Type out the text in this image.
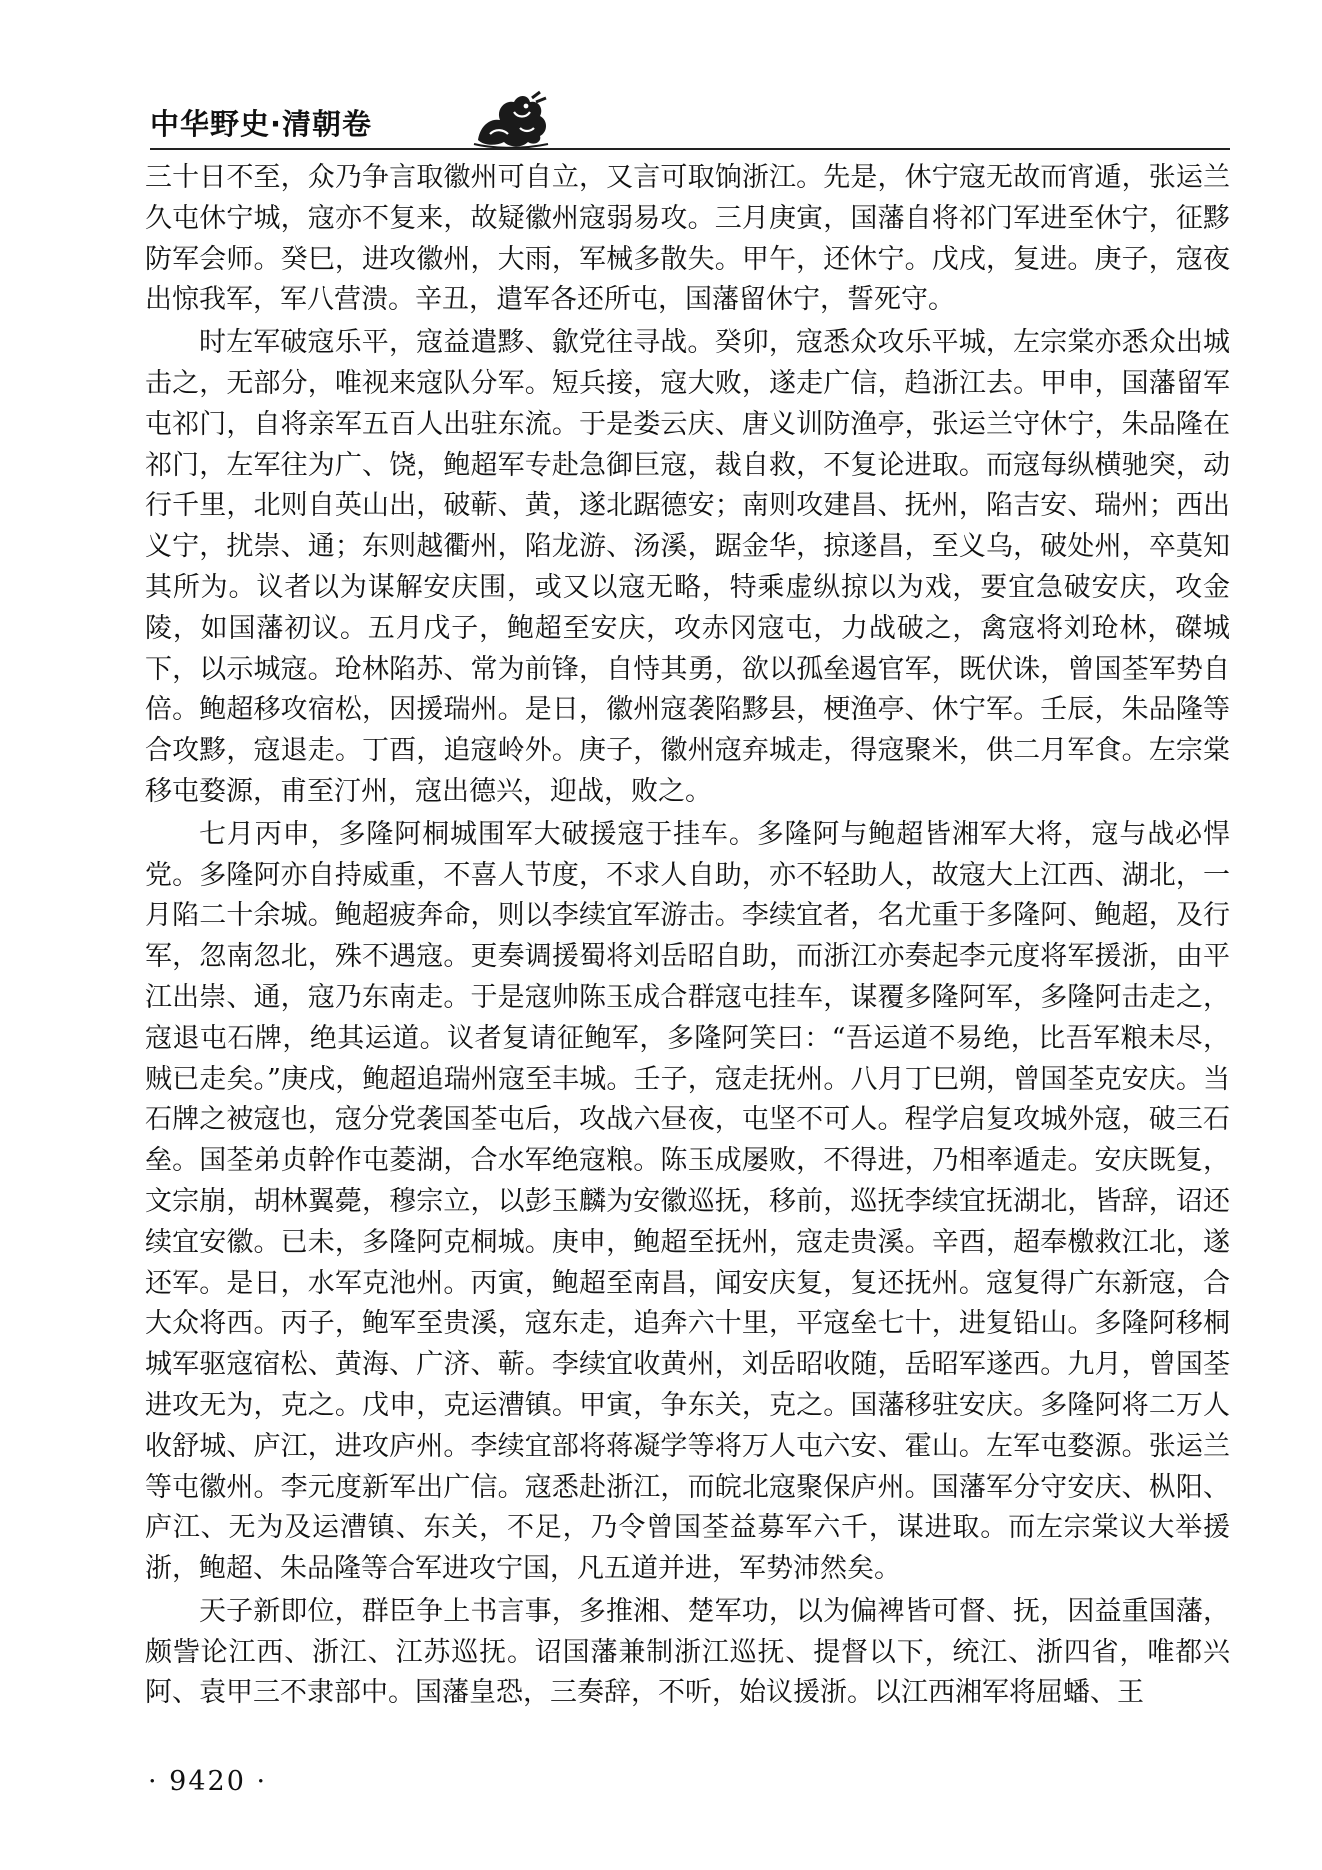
中华野史·清朝卷

三十日不至，众乃争言取徽州可自立，又言可取饷浙江。先是，休宁寇无故而宵遁，张运兰久屯休宁城，寇亦不复来，故疑徽州寇弱易攻。三月庚寅，国藩自将祁门军进至休宁，征黟防军会师。癸巳，进攻徽州，大雨，军械多散失。甲午，还休宁。戊戌，复进。庚子，寇夜出惊我军，军八营溃。辛丑，遣军各还所屯，国藩留休宁，誓死守。

时左军破寇乐平，寇益遣黟、歙党往寻战。癸卯，寇悉众攻乐平城，左宗棠亦悉众出城击之，无部分，唯视来寇队分军。短兵接，寇大败，遂走广信，趋浙江去。甲申，国藩留军屯祁门，自将亲军五百人出驻东流。于是娄云庆、唐义训防渔亭，张运兰守休宁，朱品隆在祁门，左军往为广、饶，鲍超军专赴急御巨寇，裁自救，不复论进取。而寇每纵横驰突，动行千里，北则自英山出，破蕲、黄，遂北踞德安；南则攻建昌、抚州，陷吉安、瑞州；西出义宁，扰崇、通；东则越衢州，陷龙游、汤溪，踞金华，掠遂昌，至义乌，破处州，卒莫知其所为。议者以为谋解安庆围，或又以寇无略，特乘虚纵掠以为戏，要宜急破安庆，攻金陵，如国藩初议。五月戊子，鲍超至安庆，攻赤冈寇屯，力战破之，禽寇将刘玱林，磔城下，以示城寇。玱林陷苏、常为前锋，自恃其勇，欲以孤垒遏官军，既伏诛，曾国荃军势自倍。鲍超移攻宿松，因援瑞州。是日，徽州寇袭陷黟县，梗渔亭、休宁军。壬辰，朱品隆等合攻黟，寇退走。丁酉，追寇岭外。庚子，徽州寇弃城走，得寇聚米，供二月军食。左宗棠移屯婺源，甫至汀州，寇出德兴，迎战，败之。

七月丙申，多隆阿桐城围军大破援寇于挂车。多隆阿与鲍超皆湘军大将，寇与战必悍党。多隆阿亦自持威重，不喜人节度，不求人自助，亦不轻助人，故寇大上江西、湖北，一月陷二十余城。鲍超疲奔命，则以李续宜军游击。李续宜者，名尤重于多隆阿、鲍超，及行军，忽南忽北，殊不遇寇。更奏调援蜀将刘岳昭自助，而浙江亦奏起李元度将军援浙，由平江出崇、通，寇乃东南走。于是寇帅陈玉成合群寇屯挂车，谋覆多隆阿军，多隆阿击走之，寇退屯石牌，绝其运道。议者复请征鲍军，多隆阿笑曰：“吾运道不易绝，比吾军粮未尽，贼已走矣。”庚戌，鲍超追瑞州寇至丰城。壬子，寇走抚州。八月丁巳朔，曾国荃克安庆。当石牌之被寇也，寇分党袭国荃屯后，攻战六昼夜，屯坚不可人。程学启复攻城外寇，破三石垒。国荃弟贞幹作屯菱湖，合水军绝寇粮。陈玉成屡败，不得进，乃相率遁走。安庆既复，文宗崩，胡林翼薨，穆宗立，以彭玉麟为安徽巡抚，移前，巡抚李续宜抚湖北，皆辞，诏还续宜安徽。已未，多隆阿克桐城。庚申，鲍超至抚州，寇走贵溪。辛酉，超奉檄救江北，遂还军。是日，水军克池州。丙寅，鲍超至南昌，闻安庆复，复还抚州。寇复得广东新寇，合大众将西。丙子，鲍军至贵溪，寇东走，追奔六十里，平寇垒七十，进复铅山。多隆阿移桐城军驱寇宿松、黄海、广济、蕲。李续宜收黄州，刘岳昭收随，岳昭军遂西。九月，曾国荃进攻无为，克之。戊申，克运漕镇。甲寅，争东关，克之。国藩移驻安庆。多隆阿将二万人收舒城、庐江，进攻庐州。李续宜部将蒋凝学等将万人屯六安、霍山。左军屯婺源。张运兰等屯徽州。李元度新军出广信。寇悉赴浙江，而皖北寇聚保庐州。国藩军分守安庆、枞阳、庐江、无为及运漕镇、东关，不足，乃令曾国荃益募军六千，谋进取。而左宗棠议大举援浙，鲍超、朱品隆等合军进攻宁国，凡五道并进，军势沛然矣。

天子新即位，群臣争上书言事，多推湘、楚军功，以为偏裨皆可督、抚，因益重国藩，颇訾论江西、浙江、江苏巡抚。诏国藩兼制浙江巡抚、提督以下，统江、浙四省，唯都兴阿、袁甲三不隶部中。国藩皇恐，三奏辞，不听，始议援浙。以江西湘军将屈蟠、王

· 9420 ·
